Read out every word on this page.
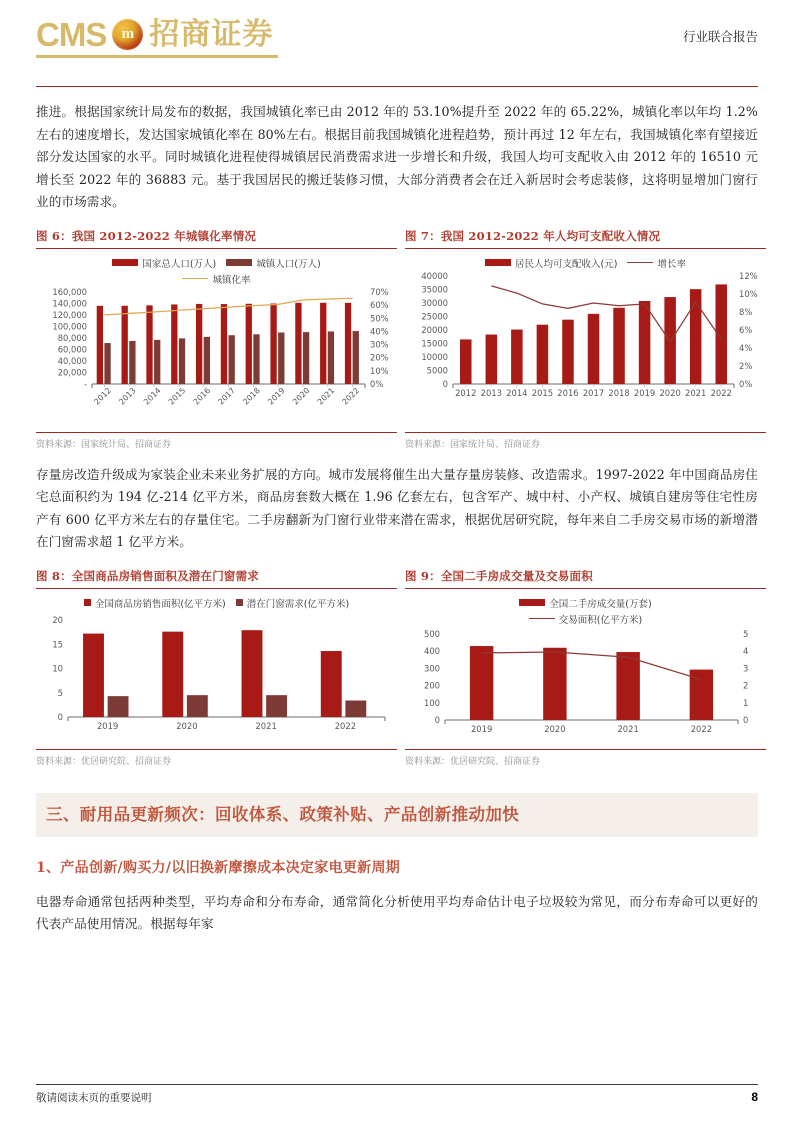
CMS	m 招商证券	行业联合报告

推进。根据国家统计局发布的数据，我国城镇化率已由 2012 年的 53.10%提升至 2022 年的 65.22%，城镇化率以年均 1.2%左右的速度增长，发达国家城镇化率在 80%左右。根据目前我国城镇化进程趋势，预计再过 12 年左右，我国城镇化率有望接近部分发达国家的水平。同时城镇化进程使得城镇居民消费需求进一步增长和升级，我国人均可支配收入由 2012 年的 16510 元增长至 2022 年的 36883 元。基于我国居民的搬迁装修习惯，大部分消费者会在迁入新居时会考虑装修，这将明显增加门窗行业的市场需求。

图 6：我国 2012-2022 年城镇化率情况
国家总人口(万人)	城镇人口(万人)
城镇化率
160,000
140,000
120,000
100,000
80,000
60,000
40,000
20,000
-
70%
60%
50%
40%
30%
20%
10%
0%
2012 2013 2014 2015 2016 2017 2018 2019 2020 2021 2022
资料来源：国家统计局、招商证券
图 7：我国 2012-2022 年人均可支配收入情况
居民人均可支配收入(元)	增长率
40000
35000
30000
25000
20000
15000
10000
5000
0
12%
10%
8%
6%
4%
2%
0%
2012 2013 2014 2015 2016 2017 2018 2019 2020 2021 2022
资料来源：国家统计局、招商证券

存量房改造升级成为家装企业未来业务扩展的方向。城市发展将催生出大量存量房装修、改造需求。1997-2022 年中国商品房住宅总面积约为 194 亿-214 亿平方米，商品房套数大概在 1.96 亿套左右，包含军产、城中村、小产权、城镇自建房等住宅性房产有 600 亿平方米左右的存量住宅。二手房翻新为门窗行业带来潜在需求，根据优居研究院，每年来自二手房交易市场的新增潜在门窗需求超 1 亿平方米。

图 8：全国商品房销售面积及潜在门窗需求
全国商品房销售面积(亿平方米) 潜在门窗需求(亿平方米)
20
15
10
5
0
2019	2020	2021	2022
资料来源：优居研究院、招商证券
图 9：全国二手房成交量及交易面积
全国二手房成交量(万套)
交易面积(亿平方米)
500
400
300
200
100
0
5
4
3
2
1
0
2019	2020	2021	2022
资料来源：优居研究院、招商证券
三、耐用品更新频次：回收体系、政策补贴、产品创新推动加快
1、产品创新/购买力/以旧换新摩擦成本决定家电更新周期

电器寿命通常包括两种类型，平均寿命和分布寿命，通常简化分析使用平均寿命估计电子垃圾较为常见，而分布寿命可以更好的代表产品使用情况。根据每年家

敬请阅读末页的重要说明	8
